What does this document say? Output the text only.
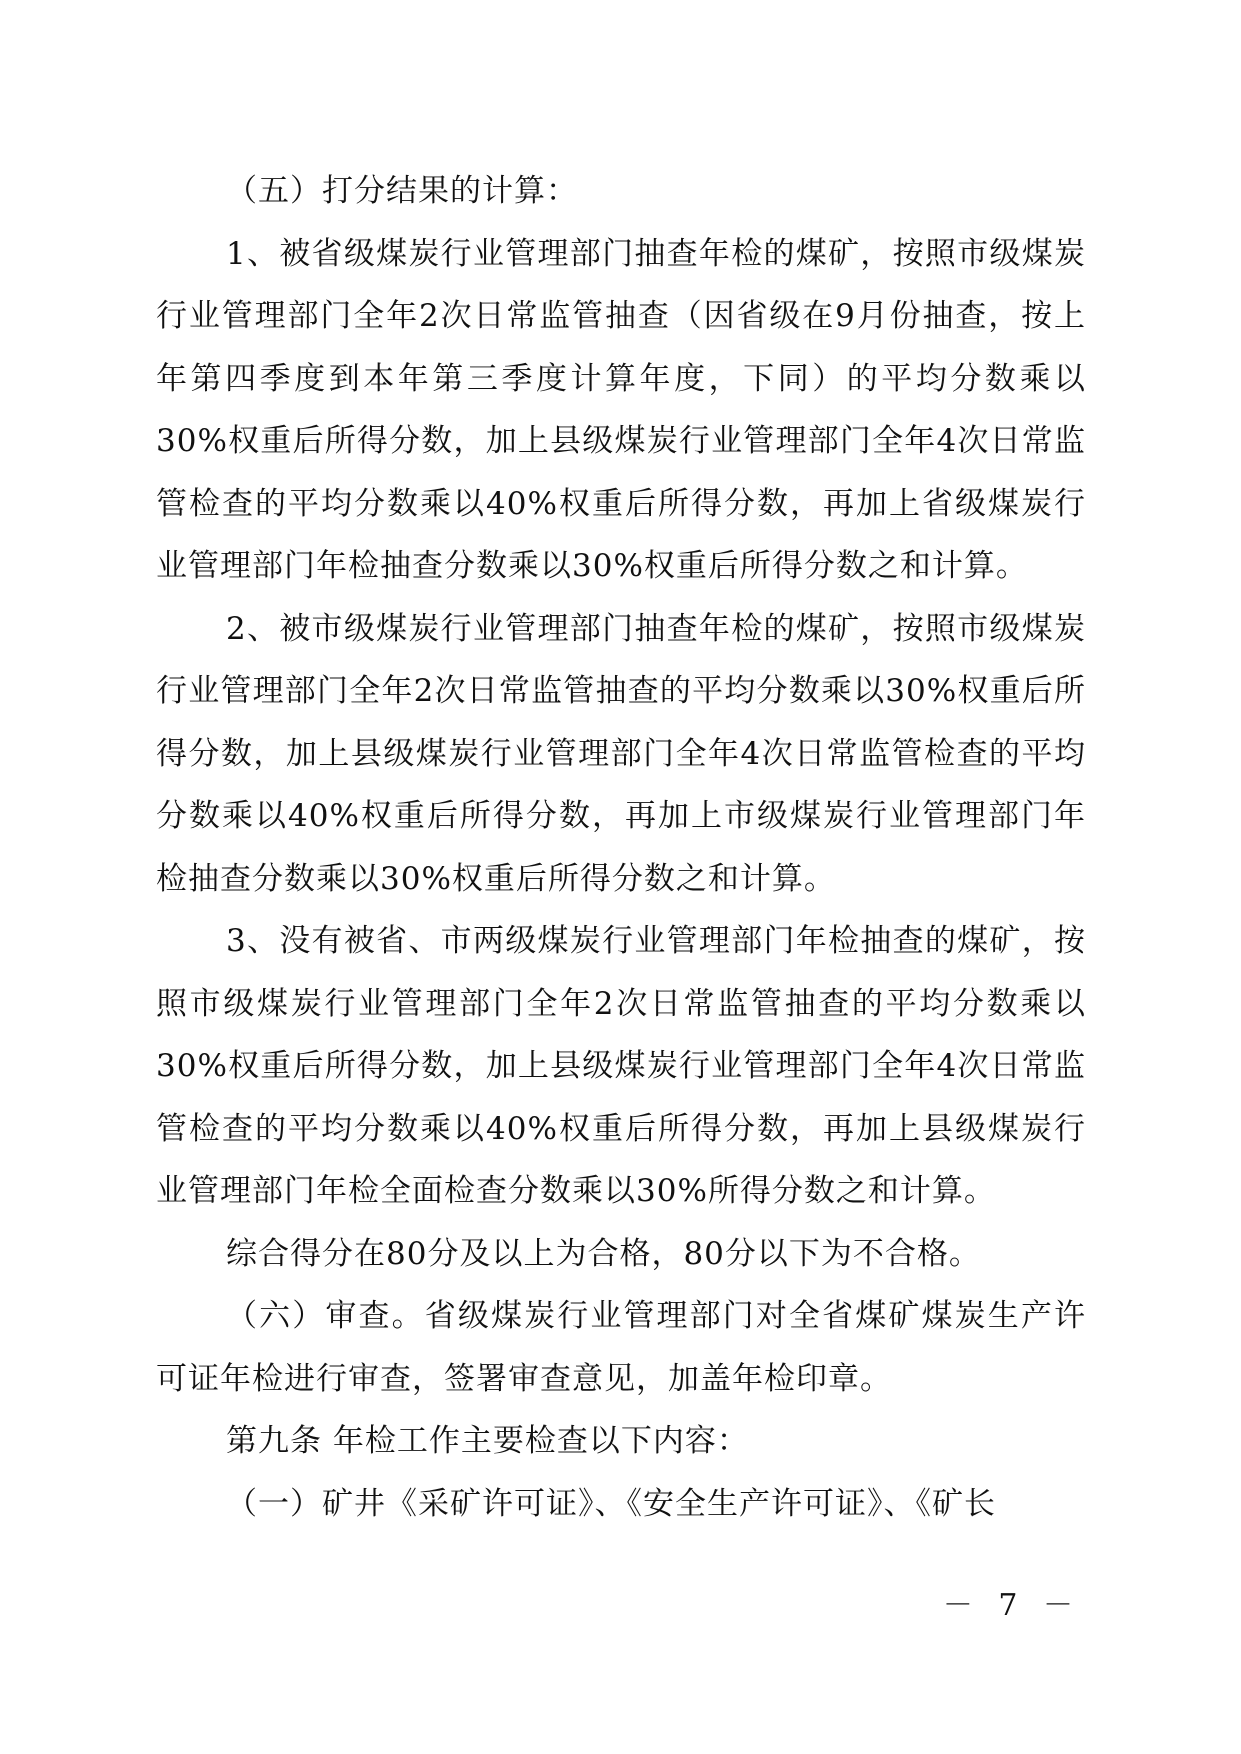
（五）打分结果的计算：

1、被省级煤炭行业管理部门抽查年检的煤矿，按照市级煤炭行业管理部门全年2次日常监管抽查（因省级在9月份抽查，按上年第四季度到本年第三季度计算年度，下同）的平均分数乘以30%权重后所得分数，加上县级煤炭行业管理部门全年4次日常监管检查的平均分数乘以40%权重后所得分数，再加上省级煤炭行业管理部门年检抽查分数乘以30%权重后所得分数之和计算。

2、被市级煤炭行业管理部门抽查年检的煤矿，按照市级煤炭行业管理部门全年2次日常监管抽查的平均分数乘以30%权重后所得分数，加上县级煤炭行业管理部门全年4次日常监管检查的平均分数乘以40%权重后所得分数，再加上市级煤炭行业管理部门年检抽查分数乘以30%权重后所得分数之和计算。

3、没有被省、市两级煤炭行业管理部门年检抽查的煤矿，按照市级煤炭行业管理部门全年2次日常监管抽查的平均分数乘以30%权重后所得分数，加上县级煤炭行业管理部门全年4次日常监管检查的平均分数乘以40%权重后所得分数，再加上县级煤炭行业管理部门年检全面检查分数乘以30%所得分数之和计算。

综合得分在80分及以上为合格，80分以下为不合格。

（六）审查。省级煤炭行业管理部门对全省煤矿煤炭生产许可证年检进行审查，签署审查意见，加盖年检印章。

第九条 年检工作主要检查以下内容：

（一）矿井《采矿许可证》、《安全生产许可证》、《矿长

－ 7 －
